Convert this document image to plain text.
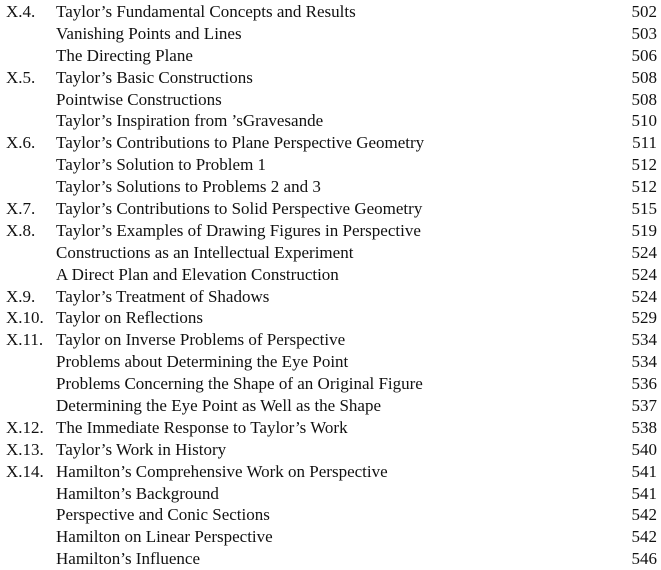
X.4. Taylor’s Fundamental Concepts and Results	502
Vanishing Points and Lines	503
The Directing Plane	506
X.5. Taylor’s Basic Constructions	508
Pointwise Constructions	508
Taylor’s Inspiration from ’sGravesande	510
X.6. Taylor’s Contributions to Plane Perspective Geometry	511
Taylor’s Solution to Problem 1	512
Taylor’s Solutions to Problems 2 and 3	512
X.7. Taylor’s Contributions to Solid Perspective Geometry	515
X.8. Taylor’s Examples of Drawing Figures in Perspective	519
Constructions as an Intellectual Experiment	524
A Direct Plan and Elevation Construction	524
X.9. Taylor’s Treatment of Shadows	524
X.10. Taylor on Reflections	529
X.11. Taylor on Inverse Problems of Perspective	534
Problems about Determining the Eye Point	534
Problems Concerning the Shape of an Original Figure	536
Determining the Eye Point as Well as the Shape	537
X.12. The Immediate Response to Taylor’s Work	538
X.13. Taylor’s Work in History	540
X.14. Hamilton’s Comprehensive Work on Perspective	541
Hamilton’s Background	541
Perspective and Conic Sections	542
Hamilton on Linear Perspective	542
Hamilton’s Influence	546
